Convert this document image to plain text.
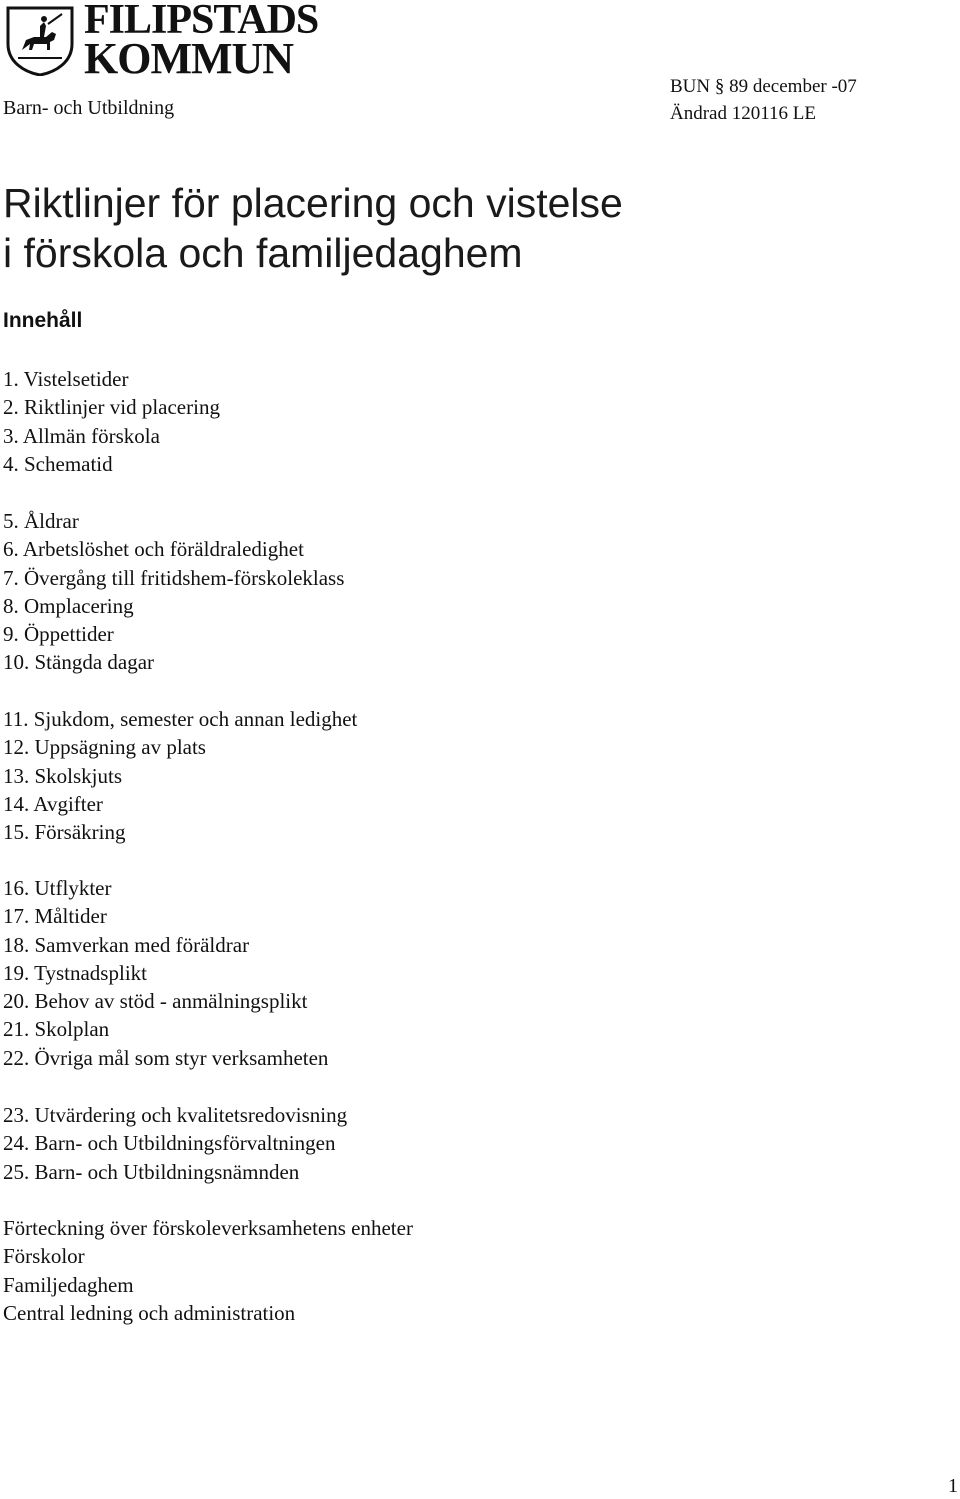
FILIPSTADS
KOMMUN
Barn- och Utbildning
BUN § 89 december -07
Ändrad 120116 LE
Riktlinjer för placering och vistelse
i förskola och familjedaghem
Innehåll
1. Vistelsetider
2. Riktlinjer vid placering
3. Allmän förskola
4. Schematid
5. Åldrar
6. Arbetslöshet och föräldraledighet
7. Övergång till fritidshem-förskoleklass
8. Omplacering
9. Öppettider
10. Stängda dagar
11. Sjukdom, semester och annan ledighet
12. Uppsägning av plats
13. Skolskjuts
14. Avgifter
15. Försäkring
16. Utflykter
17. Måltider
18. Samverkan med föräldrar
19. Tystnadsplikt
20. Behov av stöd - anmälningsplikt
21. Skolplan
22. Övriga mål som styr verksamheten
23. Utvärdering och kvalitetsredovisning
24. Barn- och Utbildningsförvaltningen
25. Barn- och Utbildningsnämnden
Förteckning över förskoleverksamhetens enheter
Förskolor
Familjedaghem
Central ledning och administration
1
